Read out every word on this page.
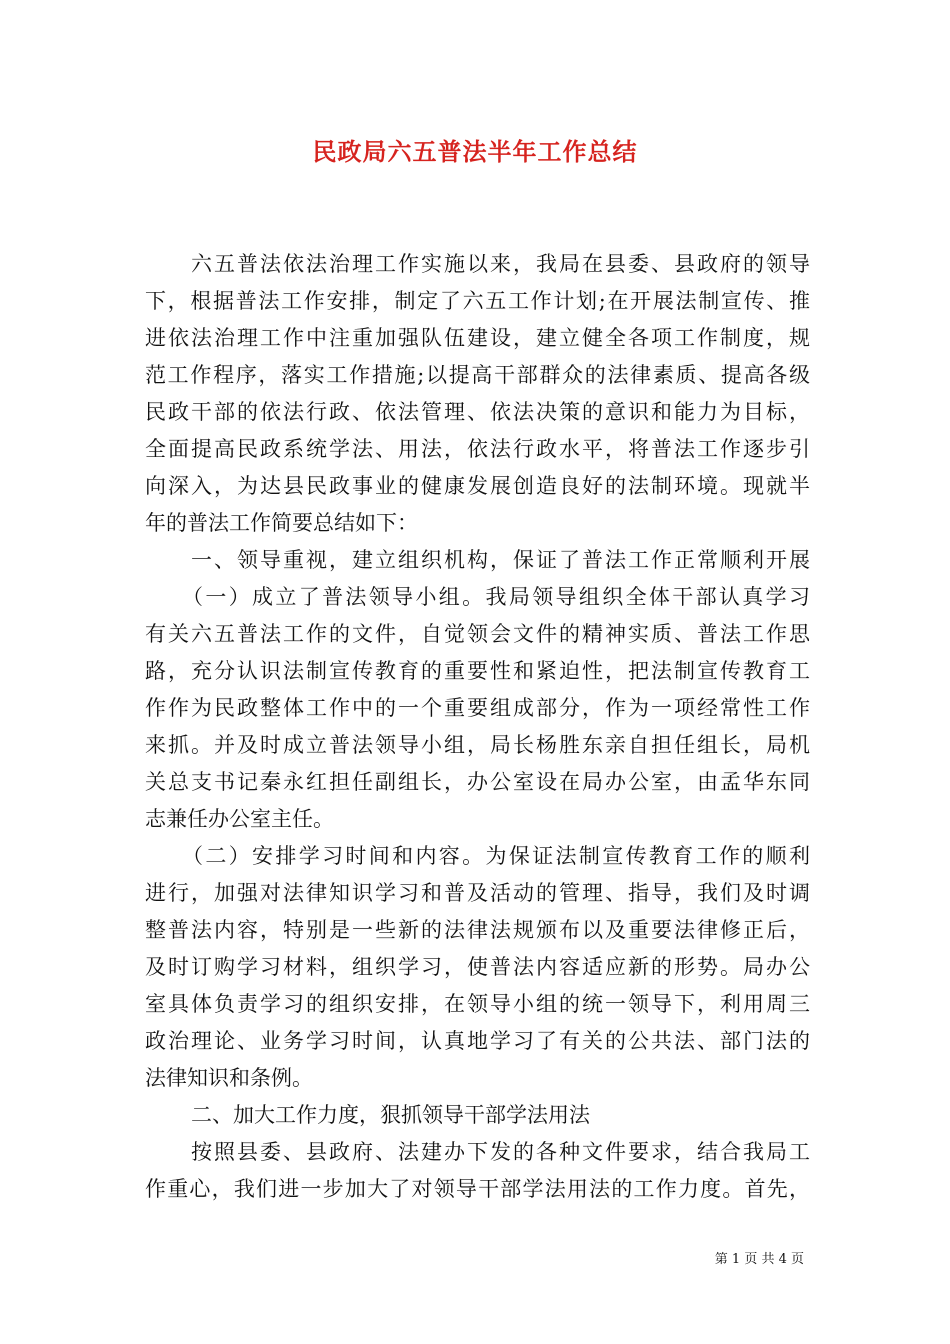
民政局六五普法半年工作总结
六五普法依法治理工作实施以来，我局在县委、县政府的领导
下，根据普法工作安排，制定了六五工作计划;在开展法制宣传、推
进依法治理工作中注重加强队伍建设，建立健全各项工作制度，规
范工作程序，落实工作措施;以提高干部群众的法律素质、提高各级
民政干部的依法行政、依法管理、依法决策的意识和能力为目标，
全面提高民政系统学法、用法，依法行政水平，将普法工作逐步引
向深入，为达县民政事业的健康发展创造良好的法制环境。现就半
年的普法工作简要总结如下：
一、领导重视，建立组织机构，保证了普法工作正常顺利开展
（一）成立了普法领导小组。我局领导组织全体干部认真学习
有关六五普法工作的文件，自觉领会文件的精神实质、普法工作思
路，充分认识法制宣传教育的重要性和紧迫性，把法制宣传教育工
作作为民政整体工作中的一个重要组成部分，作为一项经常性工作
来抓。并及时成立普法领导小组，局长杨胜东亲自担任组长，局机
关总支书记秦永红担任副组长，办公室设在局办公室，由孟华东同
志兼任办公室主任。
（二）安排学习时间和内容。为保证法制宣传教育工作的顺利
进行，加强对法律知识学习和普及活动的管理、指导，我们及时调
整普法内容，特别是一些新的法律法规颁布以及重要法律修正后，
及时订购学习材料，组织学习，使普法内容适应新的形势。局办公
室具体负责学习的组织安排，在领导小组的统一领导下，利用周三
政治理论、业务学习时间，认真地学习了有关的公共法、部门法的
法律知识和条例。
二、加大工作力度，狠抓领导干部学法用法
按照县委、县政府、法建办下发的各种文件要求，结合我局工
作重心，我们进一步加大了对领导干部学法用法的工作力度。首先，
第 1 页 共 4 页
